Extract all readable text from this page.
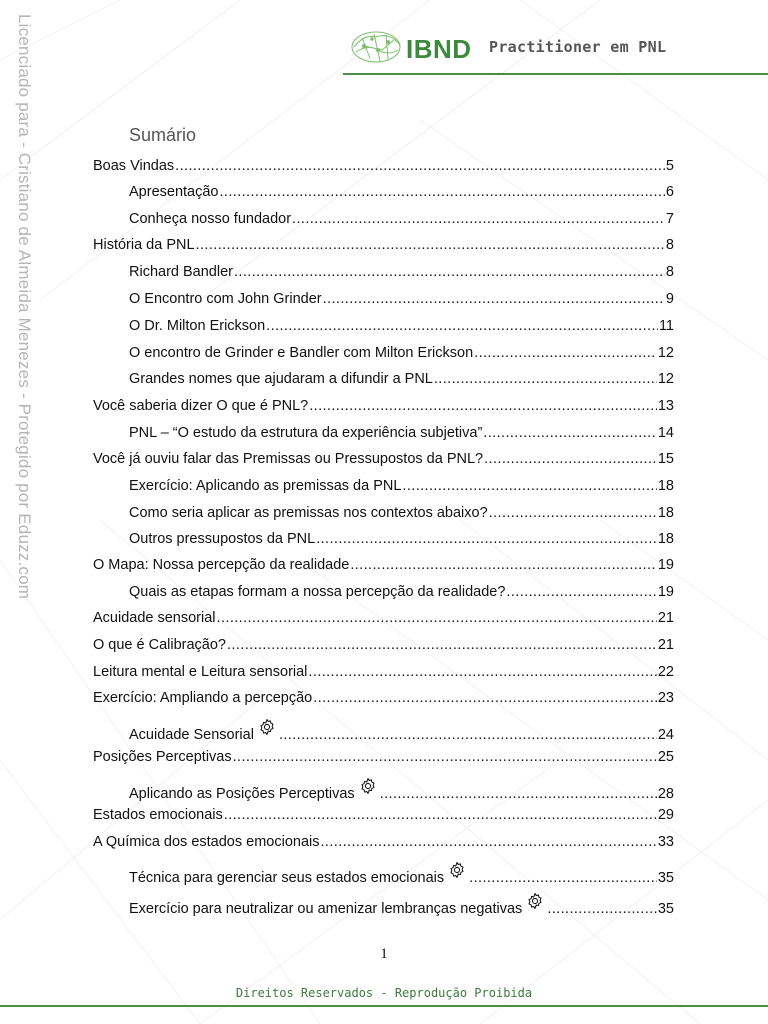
Licenciado para - Cristiano de Almeida Menezes - Protegido por Eduzz.com	IBND Practitioner em PNL
Sumário
Boas Vindas .....	5
Apresentação .....	6
Conheça nosso fundador .....	7
História da PNL .....	8
Richard Bandler .....	8
O Encontro com John Grinder .....	9
O Dr. Milton Erickson .....	11
O encontro de Grinder e Bandler com Milton Erickson .....	12
Grandes nomes que ajudaram a difundir a PNL .....	12
Você saberia dizer O que é PNL? .....	13
PNL – “O estudo da estrutura da experiência subjetiva” .....	14
Você já ouviu falar das Premissas ou Pressupostos da PNL? .....	15
Exercício: Aplicando as premissas da PNL .....	18
Como seria aplicar as premissas nos contextos abaixo? .....	18
Outros pressupostos da PNL .....	18
O Mapa: Nossa percepção da realidade .....	19
Quais as etapas formam a nossa percepção da realidade? .....	19
Acuidade sensorial .....	21
O que é Calibração? .....	21
Leitura mental e Leitura sensorial .....	22
Exercício: Ampliando a percepção .....	23
Acuidade Sensorial .....	24
Posições Perceptivas .....	25
Aplicando as Posições Perceptivas .....	28
Estados emocionais .....	29
A Química dos estados emocionais .....	33
Técnica para gerenciar seus estados emocionais .....	35
Exercício para neutralizar ou amenizar lembranças negativas .....	35
1
Direitos Reservados - Reprodução Proibida
